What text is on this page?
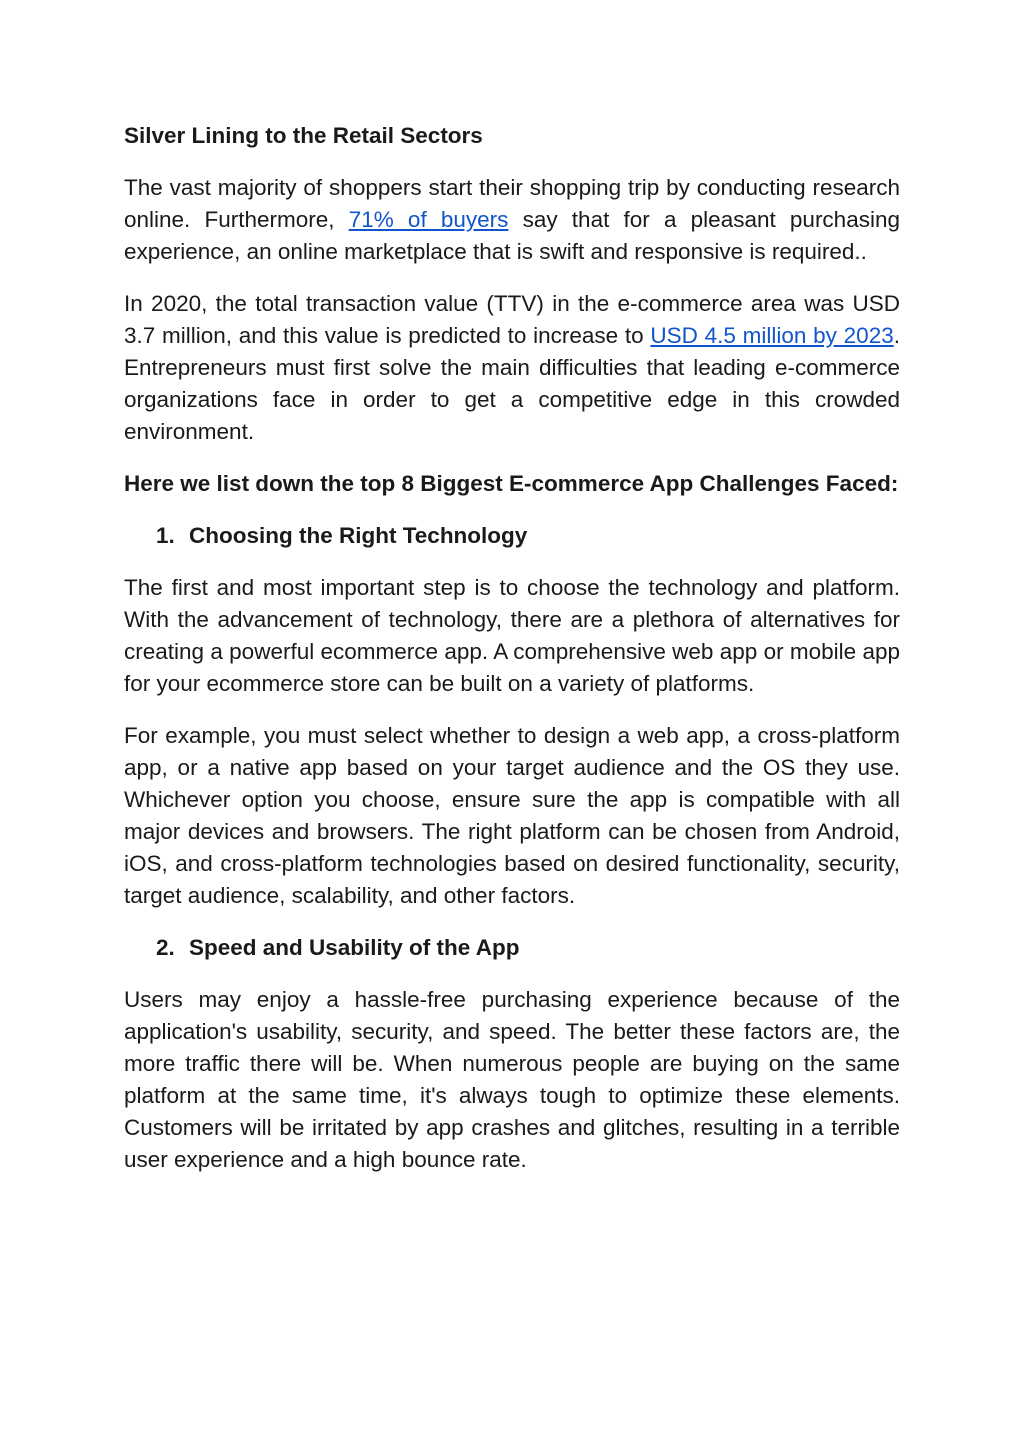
Silver Lining to the Retail Sectors

The vast majority of shoppers start their shopping trip by conducting research online. Furthermore, 71% of buyers say that for a pleasant purchasing experience, an online marketplace that is swift and responsive is required..

In 2020, the total transaction value (TTV) in the e-commerce area was USD 3.7 million, and this value is predicted to increase to USD 4.5 million by 2023. Entrepreneurs must first solve the main difficulties that leading e-commerce organizations face in order to get a competitive edge in this crowded environment.

Here we list down the top 8 Biggest E-commerce App Challenges Faced:

1. Choosing the Right Technology

The first and most important step is to choose the technology and platform. With the advancement of technology, there are a plethora of alternatives for creating a powerful ecommerce app. A comprehensive web app or mobile app for your ecommerce store can be built on a variety of platforms.

For example, you must select whether to design a web app, a cross-platform app, or a native app based on your target audience and the OS they use. Whichever option you choose, ensure sure the app is compatible with all major devices and browsers. The right platform can be chosen from Android, iOS, and cross-platform technologies based on desired functionality, security, target audience, scalability, and other factors.

2. Speed and Usability of the App

Users may enjoy a hassle-free purchasing experience because of the application's usability, security, and speed. The better these factors are, the more traffic there will be. When numerous people are buying on the same platform at the same time, it's always tough to optimize these elements. Customers will be irritated by app crashes and glitches, resulting in a terrible user experience and a high bounce rate.
